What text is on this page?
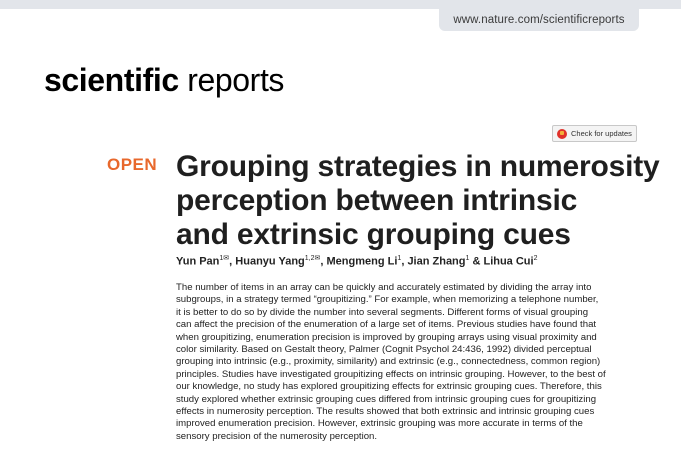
www.nature.com/scientificreports
scientific reports
Check for updates
OPEN Grouping strategies in numerosity
perception between intrinsic
and extrinsic grouping cues
Yun Pan$^{1✉}$, Huanyu Yang$^{1,2✉}$, Mengmeng Li$^1$, Jian Zhang$^1$ & Lihua Cui$^2$

The number of items in an array can be quickly and accurately estimated by dividing the array into
subgroups, in a strategy termed “groupitizing.” For example, when memorizing a telephone number,
it is better to do so by divide the number into several segments. Different forms of visual grouping
can affect the precision of the enumeration of a large set of items. Previous studies have found that
when groupitizing, enumeration precision is improved by grouping arrays using visual proximity and
color similarity. Based on Gestalt theory, Palmer (Cognit Psychol 24:436, 1992) divided perceptual
grouping into intrinsic (e.g., proximity, similarity) and extrinsic (e.g., connectedness, common region)
principles. Studies have investigated groupitizing effects on intrinsic grouping. However, to the best of
our knowledge, no study has explored groupitizing effects for extrinsic grouping cues. Therefore, this
study explored whether extrinsic grouping cues differed from intrinsic grouping cues for groupitizing
effects in numerosity perception. The results showed that both extrinsic and intrinsic grouping cues
improved enumeration precision. However, extrinsic grouping was more accurate in terms of the
sensory precision of the numerosity perception.
